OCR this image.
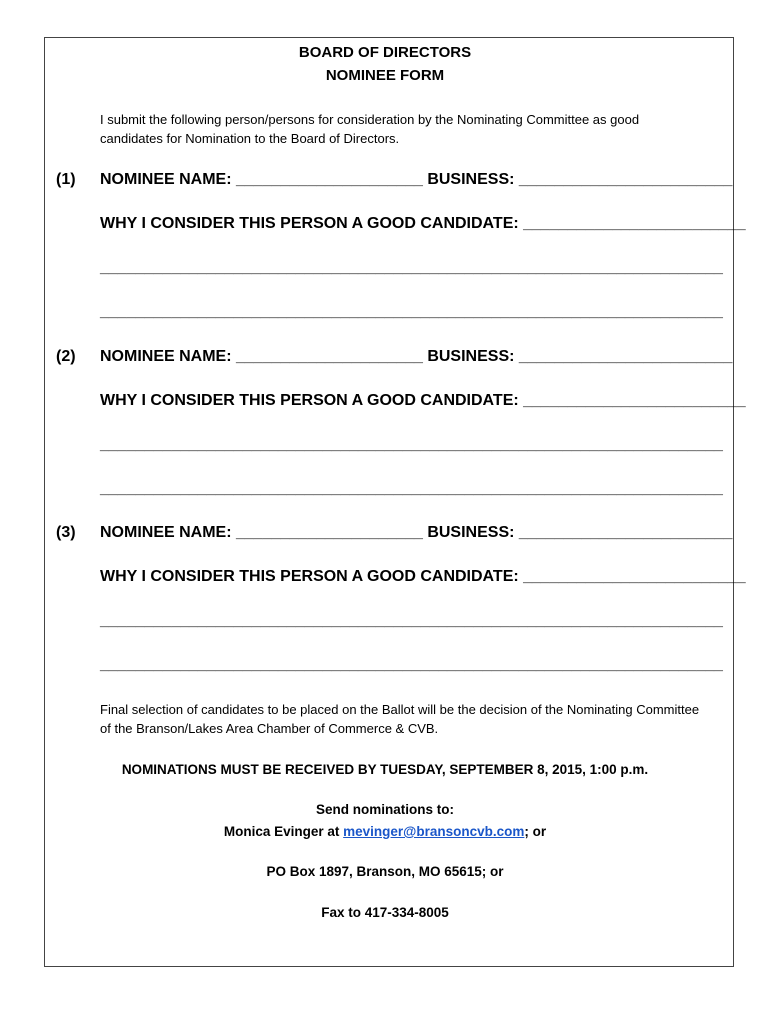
BOARD OF DIRECTORS
NOMINEE FORM
I submit the following person/persons for consideration by the Nominating Committee as good candidates for Nomination to the Board of Directors.
(1) NOMINEE NAME: _____________________ BUSINESS: ________________________
WHY I CONSIDER THIS PERSON A GOOD CANDIDATE: _________________________
______________________________________________________________________
______________________________________________________________________
(2) NOMINEE NAME: _____________________ BUSINESS: ________________________
WHY I CONSIDER THIS PERSON A GOOD CANDIDATE: _________________________
______________________________________________________________________
______________________________________________________________________
(3) NOMINEE NAME: _____________________ BUSINESS: ________________________
WHY I CONSIDER THIS PERSON A GOOD CANDIDATE: _________________________
______________________________________________________________________
______________________________________________________________________
Final selection of candidates to be placed on the Ballot will be the decision of the Nominating Committee of the Branson/Lakes Area Chamber of Commerce & CVB.
NOMINATIONS MUST BE RECEIVED BY TUESDAY, SEPTEMBER 8, 2015, 1:00 p.m.
Send nominations to:
Monica Evinger at mevinger@bransoncvb.com; or
PO Box 1897, Branson, MO 65615; or
Fax to 417-334-8005
